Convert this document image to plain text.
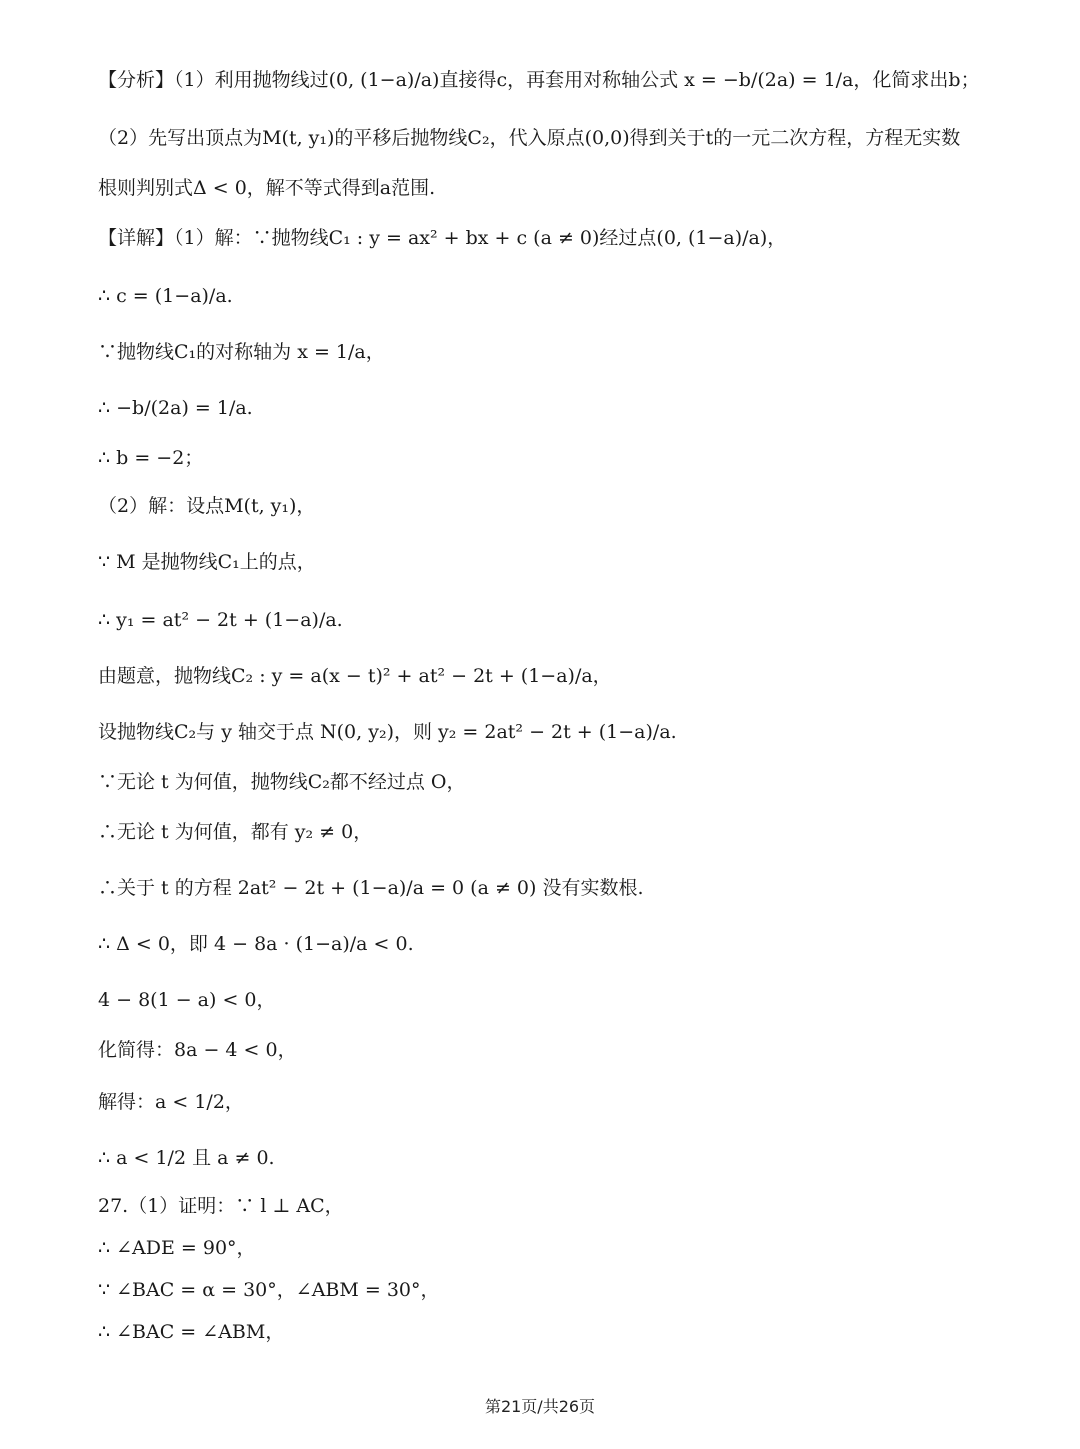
【分析】（1）利用抛物线过(0, (1−a)/a)直接得c，再套用对称轴公式 x = −b/(2a) = 1/a，化简求出b；
（2）先写出顶点为M(t, y₁)的平移后抛物线C₂，代入原点(0,0)得到关于t的一元二次方程，方程无实数
根则判别式Δ < 0，解不等式得到a范围.
【详解】（1）解：∵抛物线C₁ : y = ax² + bx + c (a ≠ 0)经过点(0, (1−a)/a)，
∴ c = (1−a)/a.
∵抛物线C₁的对称轴为 x = 1/a，
∴ −b/(2a) = 1/a.
∴ b = −2；
（2）解：设点M(t, y₁)，
∵ M 是抛物线C₁上的点，
∴ y₁ = at² − 2t + (1−a)/a.
由题意，抛物线C₂ : y = a(x − t)² + at² − 2t + (1−a)/a，
设抛物线C₂与 y 轴交于点 N(0, y₂)，则 y₂ = 2at² − 2t + (1−a)/a.
∵无论 t 为何值，抛物线C₂都不经过点 O，
∴无论 t 为何值，都有 y₂ ≠ 0，
∴关于 t 的方程 2at² − 2t + (1−a)/a = 0 (a ≠ 0) 没有实数根.
∴ Δ < 0，即 4 − 8a · (1−a)/a < 0.
4 − 8(1 − a) < 0，
化简得：8a − 4 < 0，
解得：a < 1/2，
∴ a < 1/2 且 a ≠ 0.
27.（1）证明：∵ l ⊥ AC，
∴ ∠ADE = 90°，
∵ ∠BAC = α = 30°，∠ABM = 30°，
∴ ∠BAC = ∠ABM，
第21页/共26页
